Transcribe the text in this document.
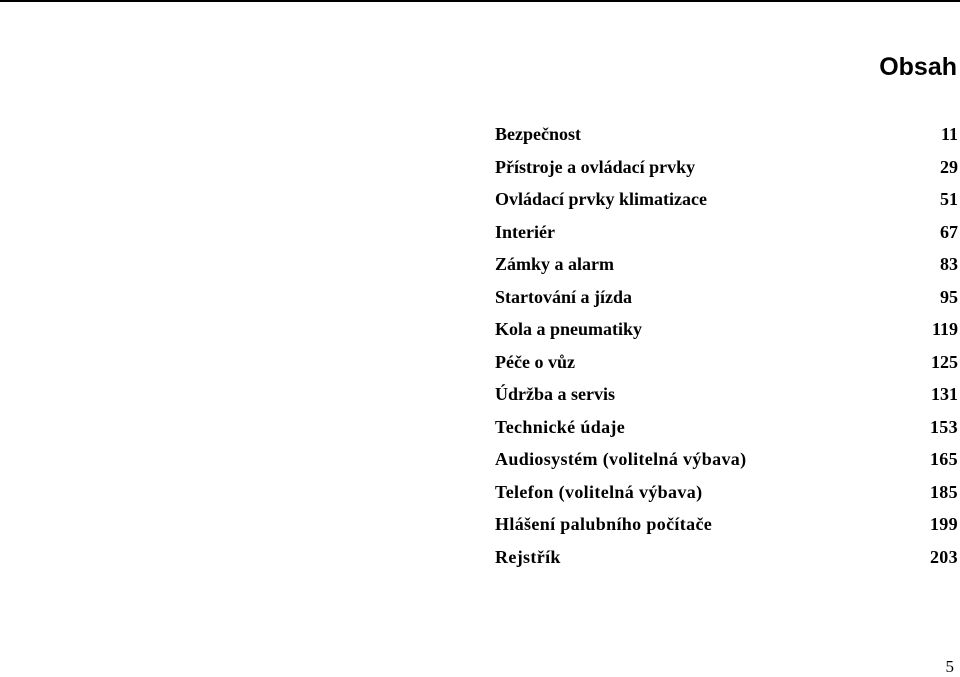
Obsah
Bezpečnost	11
Přístroje a ovládací prvky	29
Ovládací prvky klimatizace	51
Interiér	67
Zámky a alarm	83
Startování a jízda	95
Kola a pneumatiky	119
Péče o vůz	125
Údržba a servis	131
Technické údaje	153
Audiosystém (volitelná výbava)	165
Telefon (volitelná výbava)	185
Hlášení palubního počítače	199
Rejstřík	203
5
